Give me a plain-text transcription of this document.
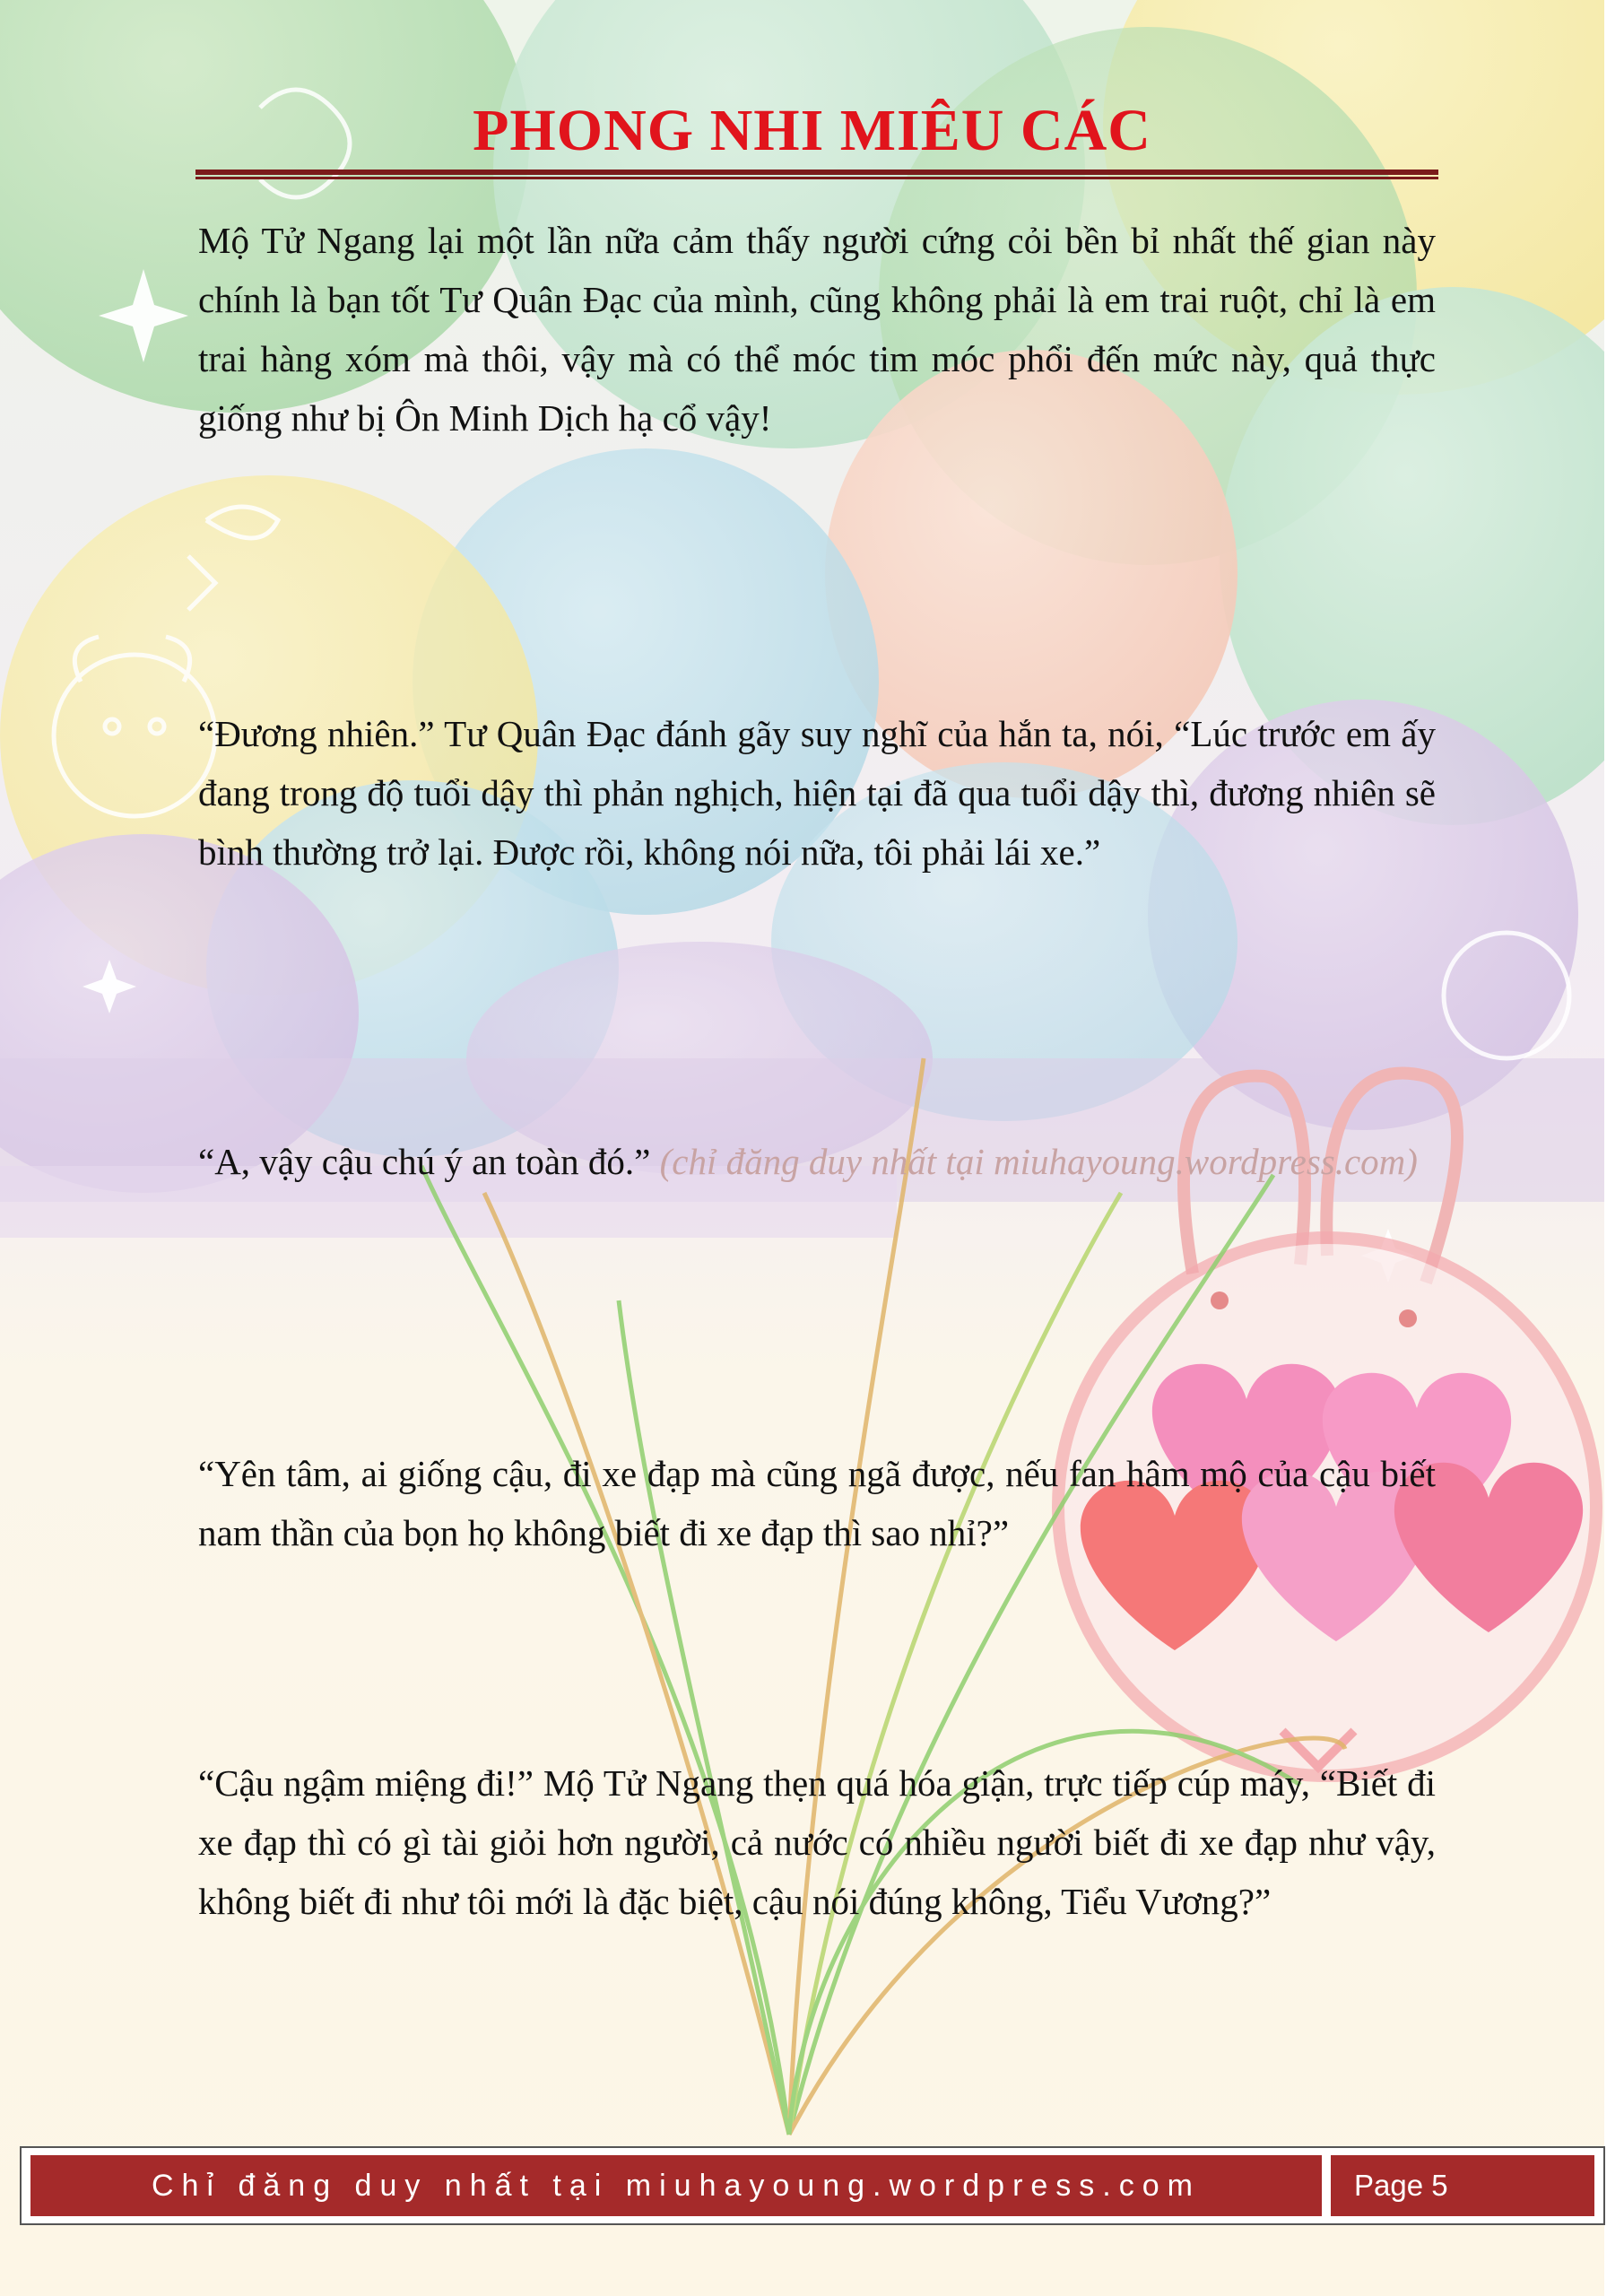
PHONG NHI MIÊU CÁC

Mộ Tử Ngang lại một lần nữa cảm thấy người cứng cỏi bền bỉ nhất thế gian này chính là bạn tốt Tư Quân Đạc của mình, cũng không phải là em trai ruột, chỉ là em trai hàng xóm mà thôi, vậy mà có thể móc tim móc phổi đến mức này, quả thực giống như bị Ôn Minh Dịch hạ cổ vậy!

“Đương nhiên.” Tư Quân Đạc đánh gãy suy nghĩ của hắn ta, nói, “Lúc trước em ấy đang trong độ tuổi dậy thì phản nghịch, hiện tại đã qua tuổi dậy thì, đương nhiên sẽ bình thường trở lại. Được rồi, không nói nữa, tôi phải lái xe.”

“A, vậy cậu chú ý an toàn đó.” (chỉ đăng duy nhất tại miuhayoung.wordpress.com)

“Yên tâm, ai giống cậu, đi xe đạp mà cũng ngã được, nếu fan hâm mộ của cậu biết nam thần của bọn họ không biết đi xe đạp thì sao nhỉ?”

“Cậu ngậm miệng đi!” Mộ Tử Ngang thẹn quá hóa giận, trực tiếp cúp máy, “Biết đi xe đạp thì có gì tài giỏi hơn người, cả nước có nhiều người biết đi xe đạp như vậy, không biết đi như tôi mới là đặc biệt, cậu nói đúng không, Tiểu Vương?”

Chỉ đăng duy nhất tại miuhayoung.wordpress.com	Page 5
